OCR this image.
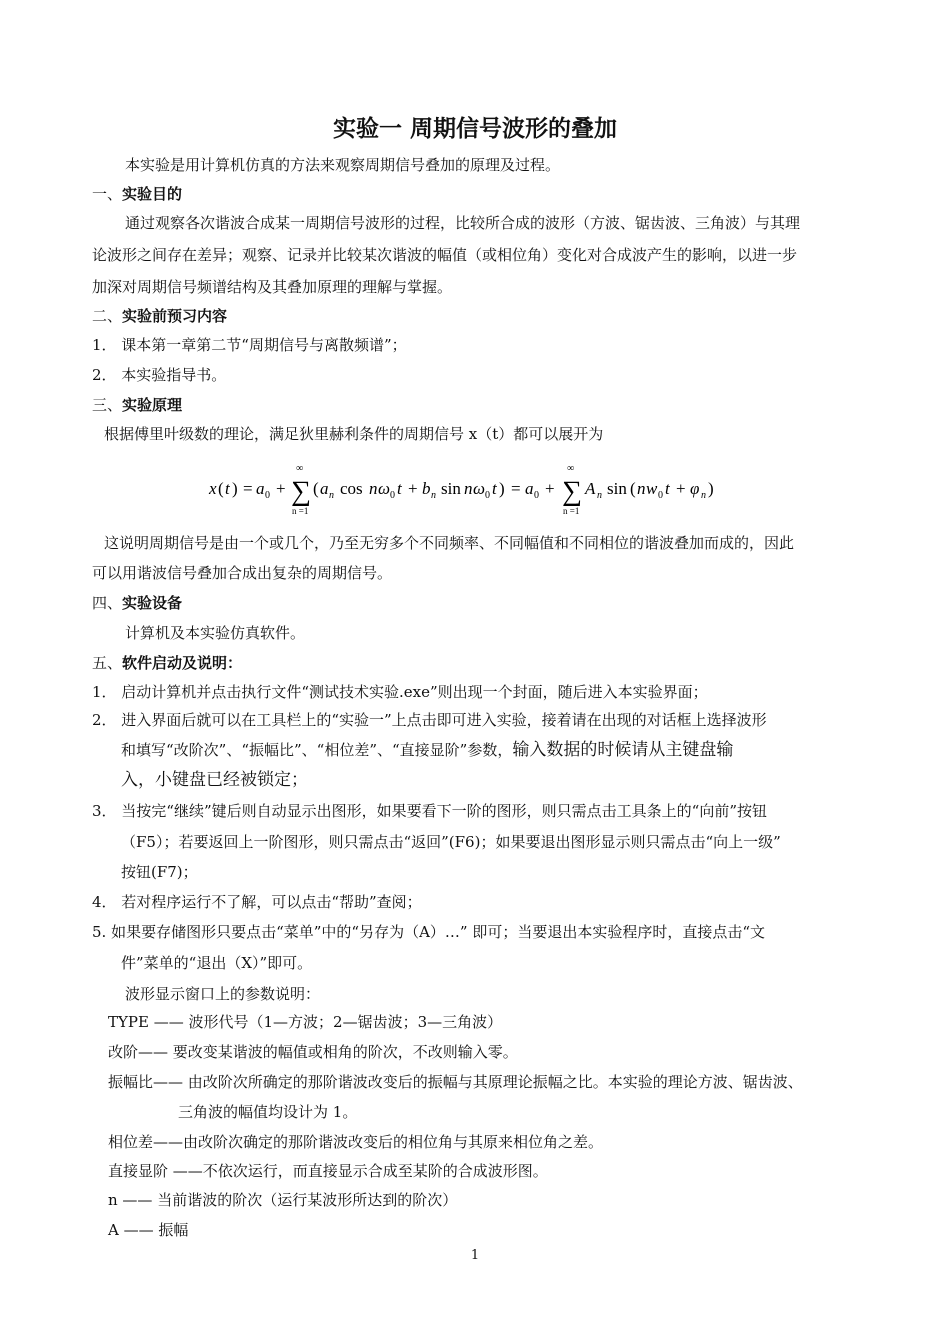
实验一 周期信号波形的叠加
本实验是用计算机仿真的方法来观察周期信号叠加的原理及过程。
一、实验目的
通过观察各次谐波合成某一周期信号波形的过程，比较所合成的波形（方波、锯齿波、三角波）与其理
论波形之间存在差异；观察、记录并比较某次谐波的幅值（或相位角）变化对合成波产生的影响，以进一步
加深对周期信号频谱结构及其叠加原理的理解与掌握。
二、实验前预习内容
1． 课本第一章第二节“周期信号与离散频谱”；
2． 本实验指导书。
三、实验原理
根据傅里叶级数的理论，满足狄里赫利条件的周期信号 x（t）都可以展开为
x ( t ) = a 0 +
∞
∑
n =1
( a n cos n ω 0 t + b n sin n ω 0 t ) = a 0 +
∞
∑
n =1
A n sin ( n w 0 t + φ n )
这说明周期信号是由一个或几个，乃至无穷多个不同频率、不同幅值和不同相位的谐波叠加而成的，因此
可以用谐波信号叠加合成出复杂的周期信号。
四、实验设备
计算机及本实验仿真软件。
五、软件启动及说明：
1． 启动计算机并点击执行文件“测试技术实验.exe”则出现一个封面，随后进入本实验界面；
2． 进入界面后就可以在工具栏上的“实验一”上点击即可进入实验，接着请在出现的对话框上选择波形
和填写“改阶次”、“振幅比”、“相位差”、“直接显阶”参数，输入数据的时候请从主键盘输
入，小键盘已经被锁定；
3． 当按完“继续”键后则自动显示出图形，如果要看下一阶的图形，则只需点击工具条上的“向前”按钮
（F5）；若要返回上一阶图形，则只需点击“返回”(F6)；如果要退出图形显示则只需点击“向上一级”
按钮(F7)；
4． 若对程序运行不了解，可以点击“帮助”查阅；
5. 如果要存储图形只要点击“菜单”中的“另存为（A）…” 即可；当要退出本实验程序时，直接点击“文
件”菜单的“退出（X）”即可。
波形显示窗口上的参数说明：
TYPE —— 波形代号（1—方波；2—锯齿波；3—三角波）
改阶—— 要改变某谐波的幅值或相角的阶次，不改则输入零。
振幅比—— 由改阶次所确定的那阶谐波改变后的振幅与其原理论振幅之比。本实验的理论方波、锯齿波、
三角波的幅值均设计为 1。
相位差——由改阶次确定的那阶谐波改变后的相位角与其原来相位角之差。
直接显阶 ——不依次运行，而直接显示合成至某阶的合成波形图。
n —— 当前谐波的阶次（运行某波形所达到的阶次）
A —— 振幅
1
